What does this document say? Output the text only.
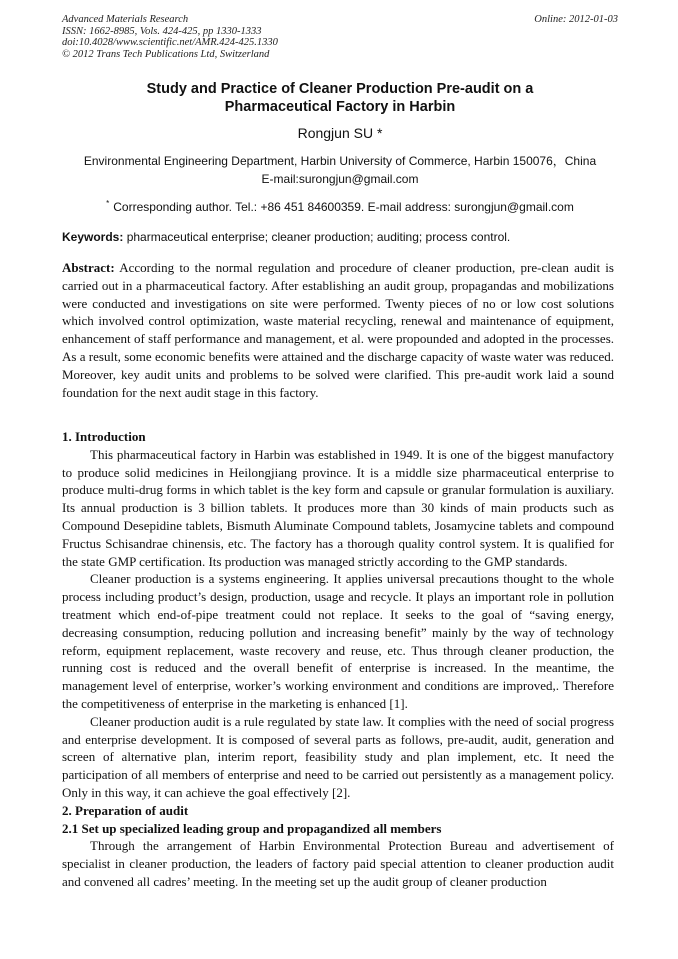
Advanced Materials Research
ISSN: 1662-8985, Vols. 424-425, pp 1330-1333
doi:10.4028/www.scientific.net/AMR.424-425.1330
© 2012 Trans Tech Publications Ltd, Switzerland
Online: 2012-01-03
Study and Practice of Cleaner Production Pre-audit on a
Pharmaceutical Factory in Harbin
Rongjun SU *
Environmental Engineering Department, Harbin University of Commerce, Harbin 150076，China
E-mail:surongjun@gmail.com
* Corresponding author. Tel.: +86 451 84600359. E-mail address: surongjun@gmail.com
Keywords: pharmaceutical enterprise; cleaner production; auditing; process control.

Abstract: According to the normal regulation and procedure of cleaner production, pre-clean audit is carried out in a pharmaceutical factory. After establishing an audit group, propagandas and mobilizations were conducted and investigations on site were performed. Twenty pieces of no or low cost solutions which involved control optimization, waste material recycling, renewal and maintenance of equipment, enhancement of staff performance and management, et al. were propounded and adopted in the processes. As a result, some economic benefits were attained and the discharge capacity of waste water was reduced. Moreover, key audit units and problems to be solved were clarified. This pre-audit work laid a sound foundation for the next audit stage in this factory.

1. Introduction

This pharmaceutical factory in Harbin was established in 1949. It is one of the biggest manufactory to produce solid medicines in Heilongjiang province. It is a middle size pharmaceutical enterprise to produce multi-drug forms in which tablet is the key form and capsule or granular formulation is auxiliary. Its annual production is 3 billion tablets. It produces more than 30 kinds of main products such as Compound Desepidine tablets, Bismuth Aluminate Compound tablets, Josamycine tablets and compound Fructus Schisandrae chinensis, etc. The factory has a thorough quality control system. It is qualified for the state GMP certification. Its production was managed strictly according to the GMP standards.

Cleaner production is a systems engineering. It applies universal precautions thought to the whole process including product’s design, production, usage and recycle. It plays an important role in pollution treatment which end-of-pipe treatment could not replace. It seeks to the goal of “saving energy, decreasing consumption, reducing pollution and increasing benefit” mainly by the way of technology reform, equipment replacement, waste recovery and reuse, etc. Thus through cleaner production, the running cost is reduced and the overall benefit of enterprise is increased. In the meantime, the management level of enterprise, worker’s working environment and conditions are improved,. Therefore the competitiveness of enterprise in the marketing is enhanced [1].

Cleaner production audit is a rule regulated by state law. It complies with the need of social progress and enterprise development. It is composed of several parts as follows, pre-audit, audit, generation and screen of alternative plan, interim report, feasibility study and plan implement, etc. It need the participation of all members of enterprise and need to be carried out persistently as a management policy. Only in this way, it can achieve the goal effectively [2].

2. Preparation of audit

2.1 Set up specialized leading group and propagandized all members

Through the arrangement of Harbin Environmental Protection Bureau and advertisement of specialist in cleaner production, the leaders of factory paid special attention to cleaner production audit and convened all cadres’ meeting. In the meeting set up the audit group of cleaner production
